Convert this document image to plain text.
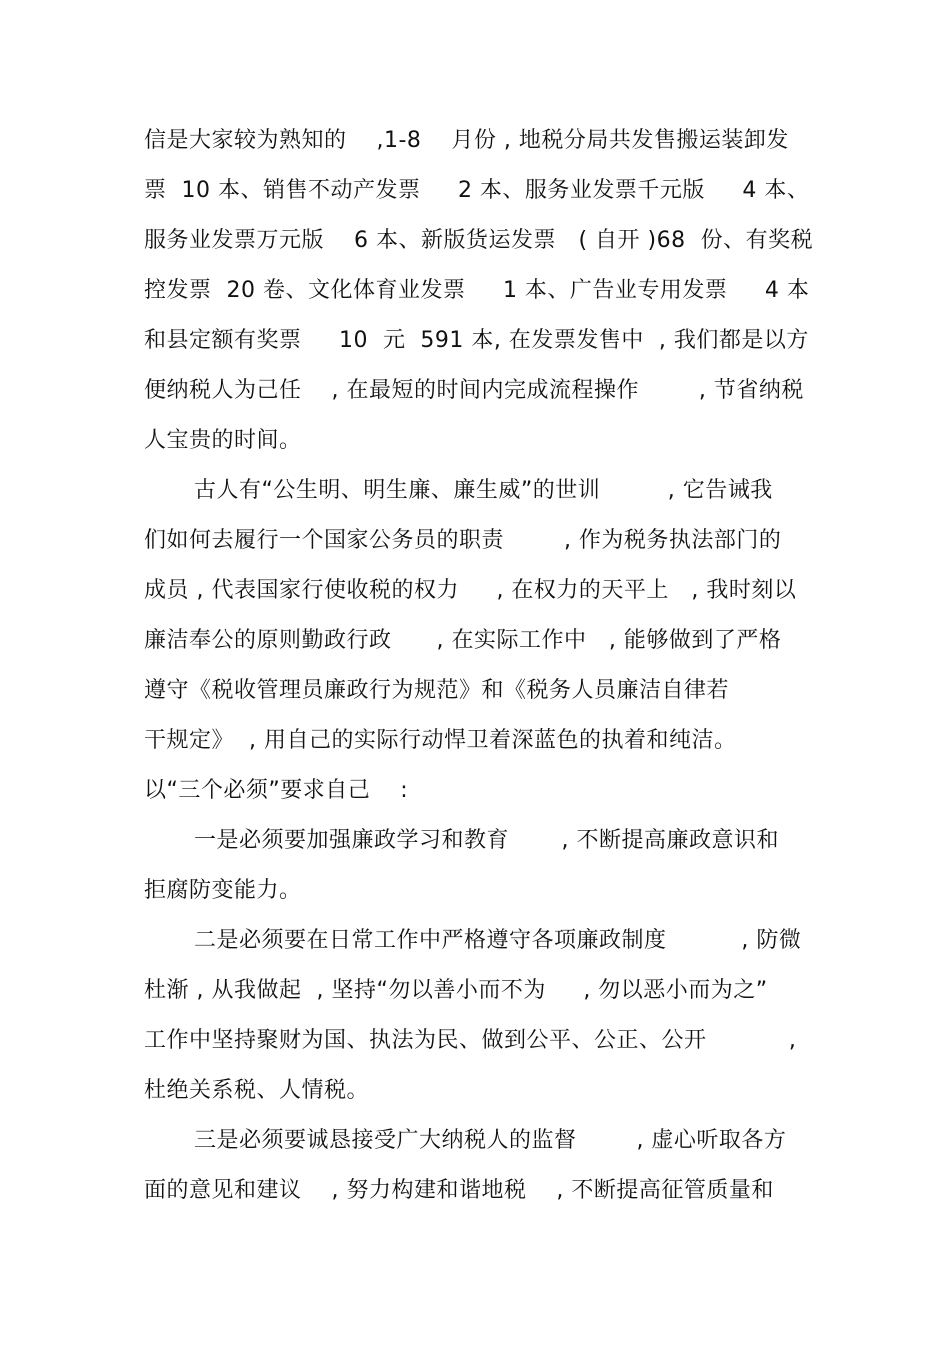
信是大家较为熟知的    ,1-8    月份 , 地税分局共发售搬运装卸发
票  10 本、销售不动产发票     2 本、服务业发票千元版     4 本、
服务业发票万元版    6 本、新版货运发票   ( 自开 )68  份、有奖税
控发票  20 卷、文化体育业发票     1 本、广告业专用发票     4 本
和县定额有奖票     10  元  591 本, 在发票发售中  , 我们都是以方
便纳税人为己任    , 在最短的时间内完成流程操作        , 节省纳税
人宝贵的时间。
古人有“公生明、明生廉、廉生威”的世训         , 它告诫我
们如何去履行一个国家公务员的职责        , 作为税务执法部门的
成员 , 代表国家行使收税的权力     , 在权力的天平上   , 我时刻以
廉洁奉公的原则勤政行政      , 在实际工作中   , 能够做到了严格
遵守《税收管理员廉政行为规范》和《税务人员廉洁自律若
干规定》  , 用自己的实际行动悍卫着深蓝色的执着和纯洁。
以“三个必须”要求自己    :
一是必须要加强廉政学习和教育       , 不断提高廉政意识和
拒腐防变能力。
二是必须要在日常工作中严格遵守各项廉政制度          , 防微
杜渐 , 从我做起  , 坚持“勿以善小而不为     , 勿以恶小而为之”
工作中坚持聚财为国、执法为民、做到公平、公正、公开           ,
杜绝关系税、人情税。
三是必须要诚恳接受广大纳税人的监督        , 虚心听取各方
面的意见和建议    , 努力构建和谐地税    , 不断提高征管质量和
